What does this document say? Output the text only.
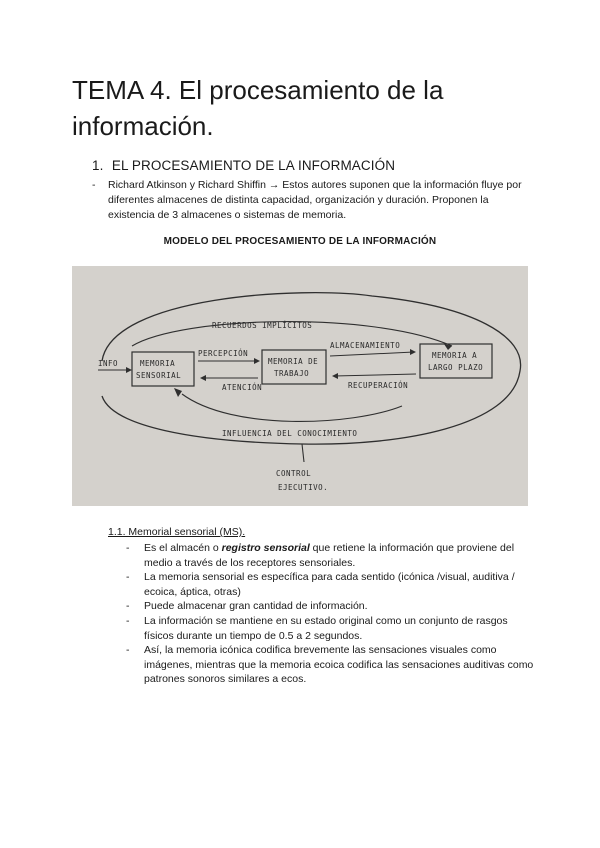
TEMA 4. El procesamiento de la información.
1. EL PROCESAMIENTO DE LA INFORMACIÓN
- Richard Atkinson y Richard Shiffin → Estos autores suponen que la información fluye por diferentes almacenes de distinta capacidad, organización y duración. Proponen la existencia de 3 almacenes o sistemas de memoria.

MODELO DEL PROCESAMIENTO DE LA INFORMACIÓN

RECUERDOS IMPLÍCITOS
INFO	MEMORIA
SENSORIAL
PERCEPCIÓN
ATENCIÓN
MEMORIA DE
TRABAJO
ALMACENAMIENTO
RECUPERACIÓN
MEMORIA A
LARGO PLAZO
INFLUENCIA DEL CONOCIMIENTO
CONTROL
EJECUTIVO.
1.1. Memorial sensorial (MS).
- Es el almacén o registro sensorial que retiene la información que proviene del medio a través de los receptores sensoriales.
- La memoria sensorial es específica para cada sentido (icónica /visual, auditiva / ecoica, áptica, otras)
- Puede almacenar gran cantidad de información.
- La información se mantiene en su estado original como un conjunto de rasgos físicos durante un tiempo de 0.5 a 2 segundos.
- Así, la memoria icónica codifica brevemente las sensaciones visuales como imágenes, mientras que la memoria ecoica codifica las sensaciones auditivas como patrones sonoros similares a ecos.
